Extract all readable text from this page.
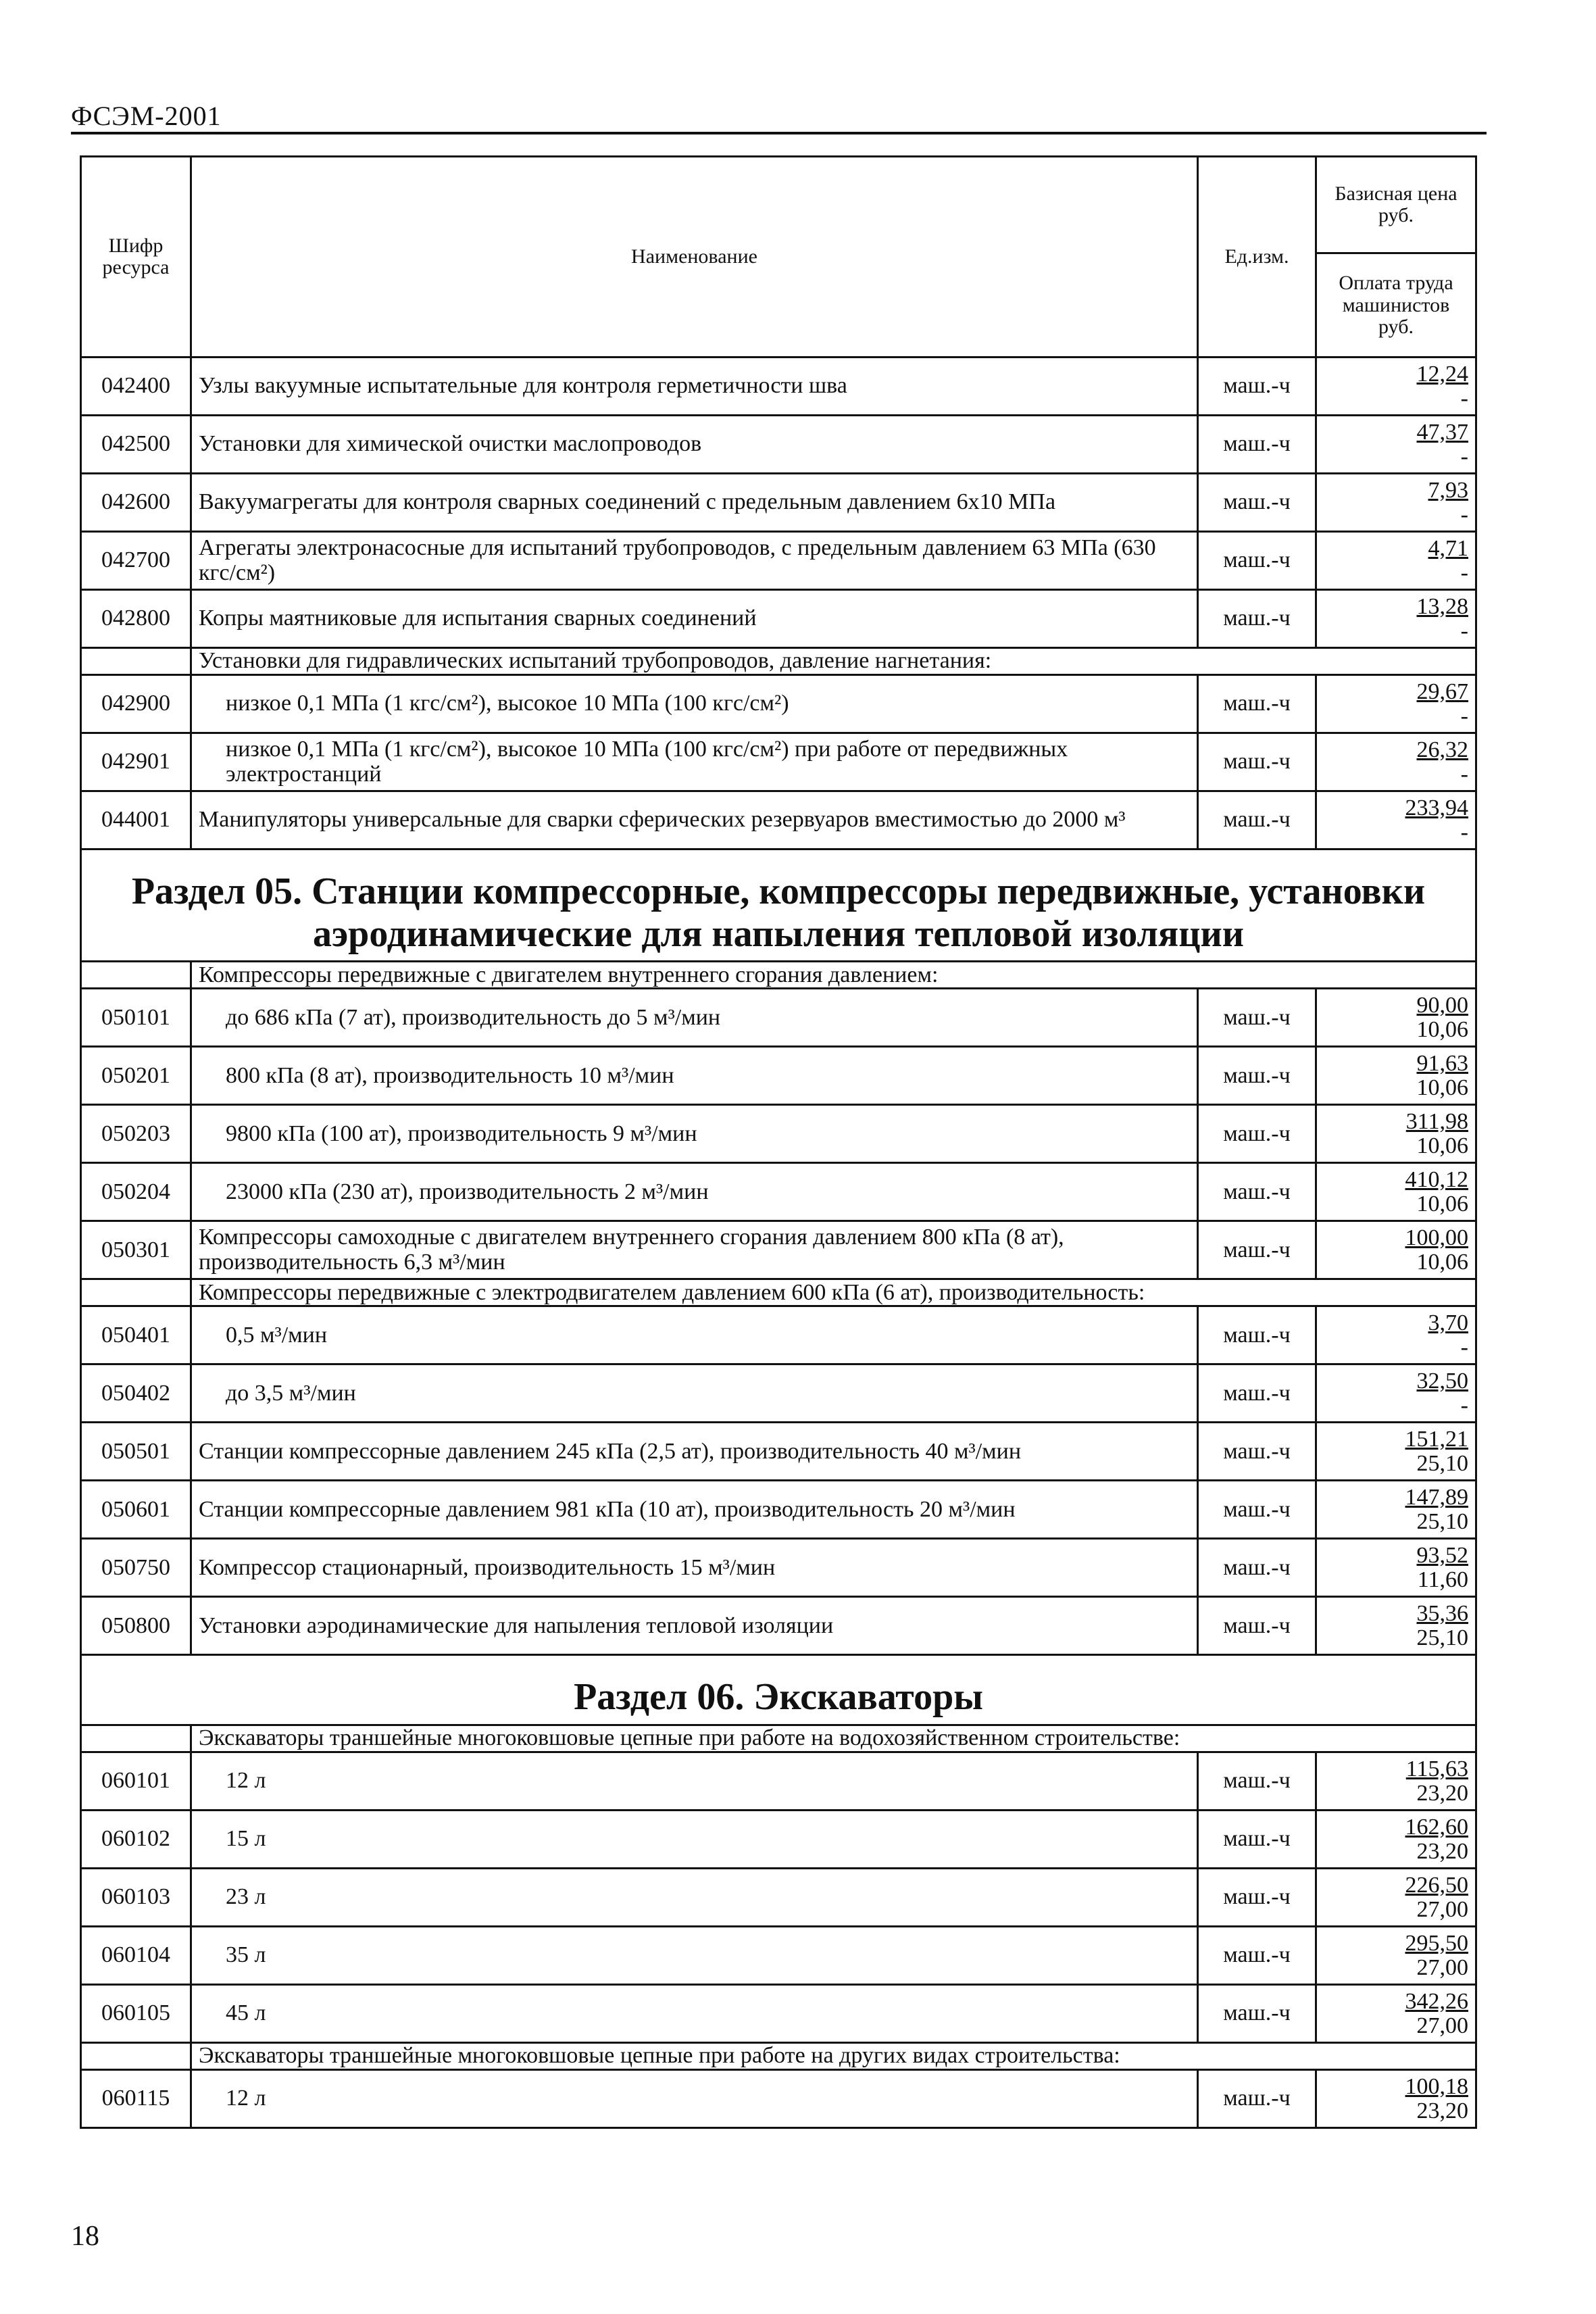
ФСЭМ-2001
Шифр ресурса	Наименование	Ед.изм.	Базисная цена руб.
			Оплата труда машинистов руб.
042400	Узлы вакуумные испытательные для контроля герметичности шва	маш.-ч	12,24
-

042500	Установки для химической очистки маслопроводов	маш.-ч	47,37
-

042600	Вакуумагрегаты для контроля сварных соединений с предельным давлением 6х10 МПа	маш.-ч	7,93
-

042700	Агрегаты электронасосные для испытаний трубопроводов, с предельным давлением 63 МПа (630 кгс/см²)	маш.-ч	4,71
-

042800	Копры маятниковые для испытания сварных соединений	маш.-ч	13,28
-

	Установки для гидравлических испытаний трубопроводов, давление нагнетания:		
042900	низкое 0,1 МПа (1 кгс/см²), высокое 10 МПа (100 кгс/см²)	маш.-ч	29,67
-

042901	низкое 0,1 МПа (1 кгс/см²), высокое 10 МПа (100 кгс/см²) при работе от передвижных электростанций	маш.-ч	26,32
-

044001	Манипуляторы универсальные для сварки сферических резервуаров вместимостью до 2000 м³	маш.-ч	233,94
-

Раздел 05. Станции компрессорные, компрессоры передвижные, установки аэродинамические для напыления тепловой изоляции			
	Компрессоры передвижные с двигателем внутреннего сгорания давлением:		
050101	до 686 кПа (7 ат), производительность до 5 м³/мин	маш.-ч	90,00
10,06

050201	800 кПа (8 ат), производительность 10 м³/мин	маш.-ч	91,63
10,06

050203	9800 кПа (100 ат), производительность 9 м³/мин	маш.-ч	311,98
10,06

050204	23000 кПа (230 ат), производительность 2 м³/мин	маш.-ч	410,12
10,06

050301	Компрессоры самоходные с двигателем внутреннего сгорания давлением 800 кПа (8 ат), производительность 6,3 м³/мин	маш.-ч	100,00
10,06

	Компрессоры передвижные с электродвигателем давлением 600 кПа (6 ат), производительность:		
050401	0,5 м³/мин	маш.-ч	3,70
-

050402	до 3,5 м³/мин	маш.-ч	32,50
-

050501	Станции компрессорные давлением 245 кПа (2,5 ат), производительность 40 м³/мин	маш.-ч	151,21
25,10

050601	Станции компрессорные давлением 981 кПа (10 ат), производительность 20 м³/мин	маш.-ч	147,89
25,10

050750	Компрессор стационарный, производительность 15 м³/мин	маш.-ч	93,52
11,60

050800	Установки аэродинамические для напыления тепловой изоляции	маш.-ч	35,36
25,10

Раздел 06. Экскаваторы			
	Экскаваторы траншейные многоковшовые цепные при работе на водохозяйственном строительстве:		
060101	12 л	маш.-ч	115,63
23,20

060102	15 л	маш.-ч	162,60
23,20

060103	23 л	маш.-ч	226,50
27,00

060104	35 л	маш.-ч	295,50
27,00

060105	45 л	маш.-ч	342,26
27,00

	Экскаваторы траншейные многоковшовые цепные при работе на других видах строительства:		
060115	12 л	маш.-ч	100,18
23,20
18
